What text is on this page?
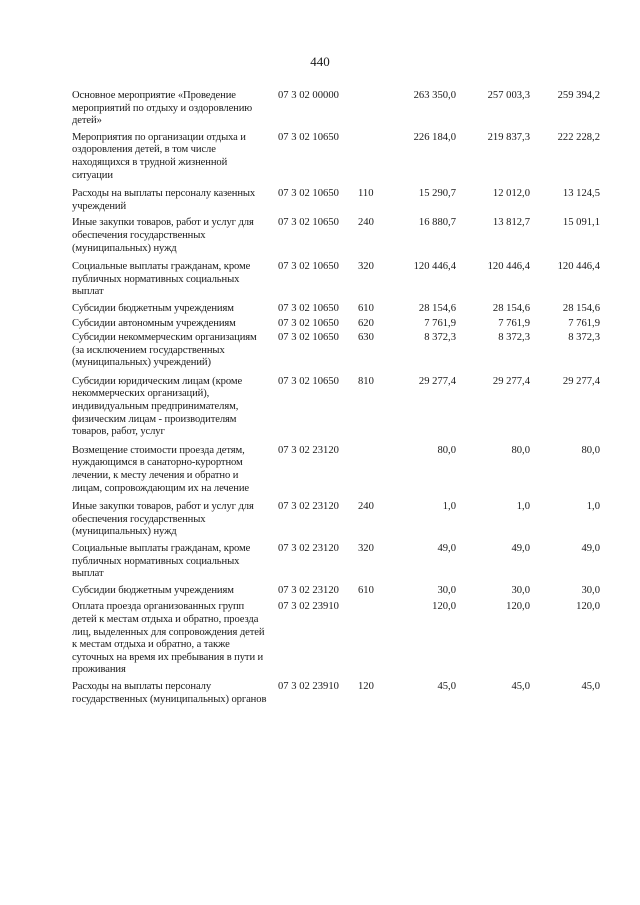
440
Основное мероприятие «Проведение мероприятий по отдыху и оздоровлению детей»
07 3 02 00000	263 350,0	257 003,3	259 394,2
Мероприятия по организации отдыха и оздоровления детей, в том числе находящихся в трудной жизненной ситуации
07 3 02 10650	226 184,0	219 837,3	222 228,2
Расходы на выплаты персоналу казенных учреждений
07 3 02 10650 110	15 290,7	12 012,0	13 124,5
Иные закупки товаров, работ и услуг для обеспечения государственных (муниципальных) нужд
07 3 02 10650 240	16 880,7	13 812,7	15 091,1
Социальные выплаты гражданам, кроме публичных нормативных социальных выплат
07 3 02 10650 320	120 446,4	120 446,4	120 446,4
Субсидии бюджетным учреждениям	07 3 02 10650 610	28 154,6	28 154,6	28 154,6
Субсидии автономным учреждениям	07 3 02 10650 620	7 761,9	7 761,9	7 761,9
Субсидии некоммерческим организациям (за исключением государственных (муниципальных) учреждений)
07 3 02 10650 630	8 372,3	8 372,3	8 372,3
Субсидии юридическим лицам (кроме некоммерческих организаций), индивидуальным предпринимателям, физическим лицам - производителям товаров, работ, услуг
07 3 02 10650 810	29 277,4	29 277,4	29 277,4
Возмещение стоимости проезда детям, нуждающимся в санаторно-курортном лечении, к месту лечения и обратно и лицам, сопровождающим их на лечение
07 3 02 23120	80,0	80,0	80,0
Иные закупки товаров, работ и услуг для обеспечения государственных (муниципальных) нужд
07 3 02 23120 240	1,0	1,0	1,0
Социальные выплаты гражданам, кроме публичных нормативных социальных выплат
07 3 02 23120 320	49,0	49,0	49,0
Субсидии бюджетным учреждениям	07 3 02 23120 610	30,0	30,0	30,0
Оплата проезда организованных групп детей к местам отдыха и обратно, проезда лиц, выделенных для сопровождения детей к местам отдыха и обратно, а также суточных на время их пребывания в пути и проживания
07 3 02 23910	120,0	120,0	120,0
Расходы на выплаты персоналу государственных (муниципальных) органов
07 3 02 23910 120	45,0	45,0	45,0
